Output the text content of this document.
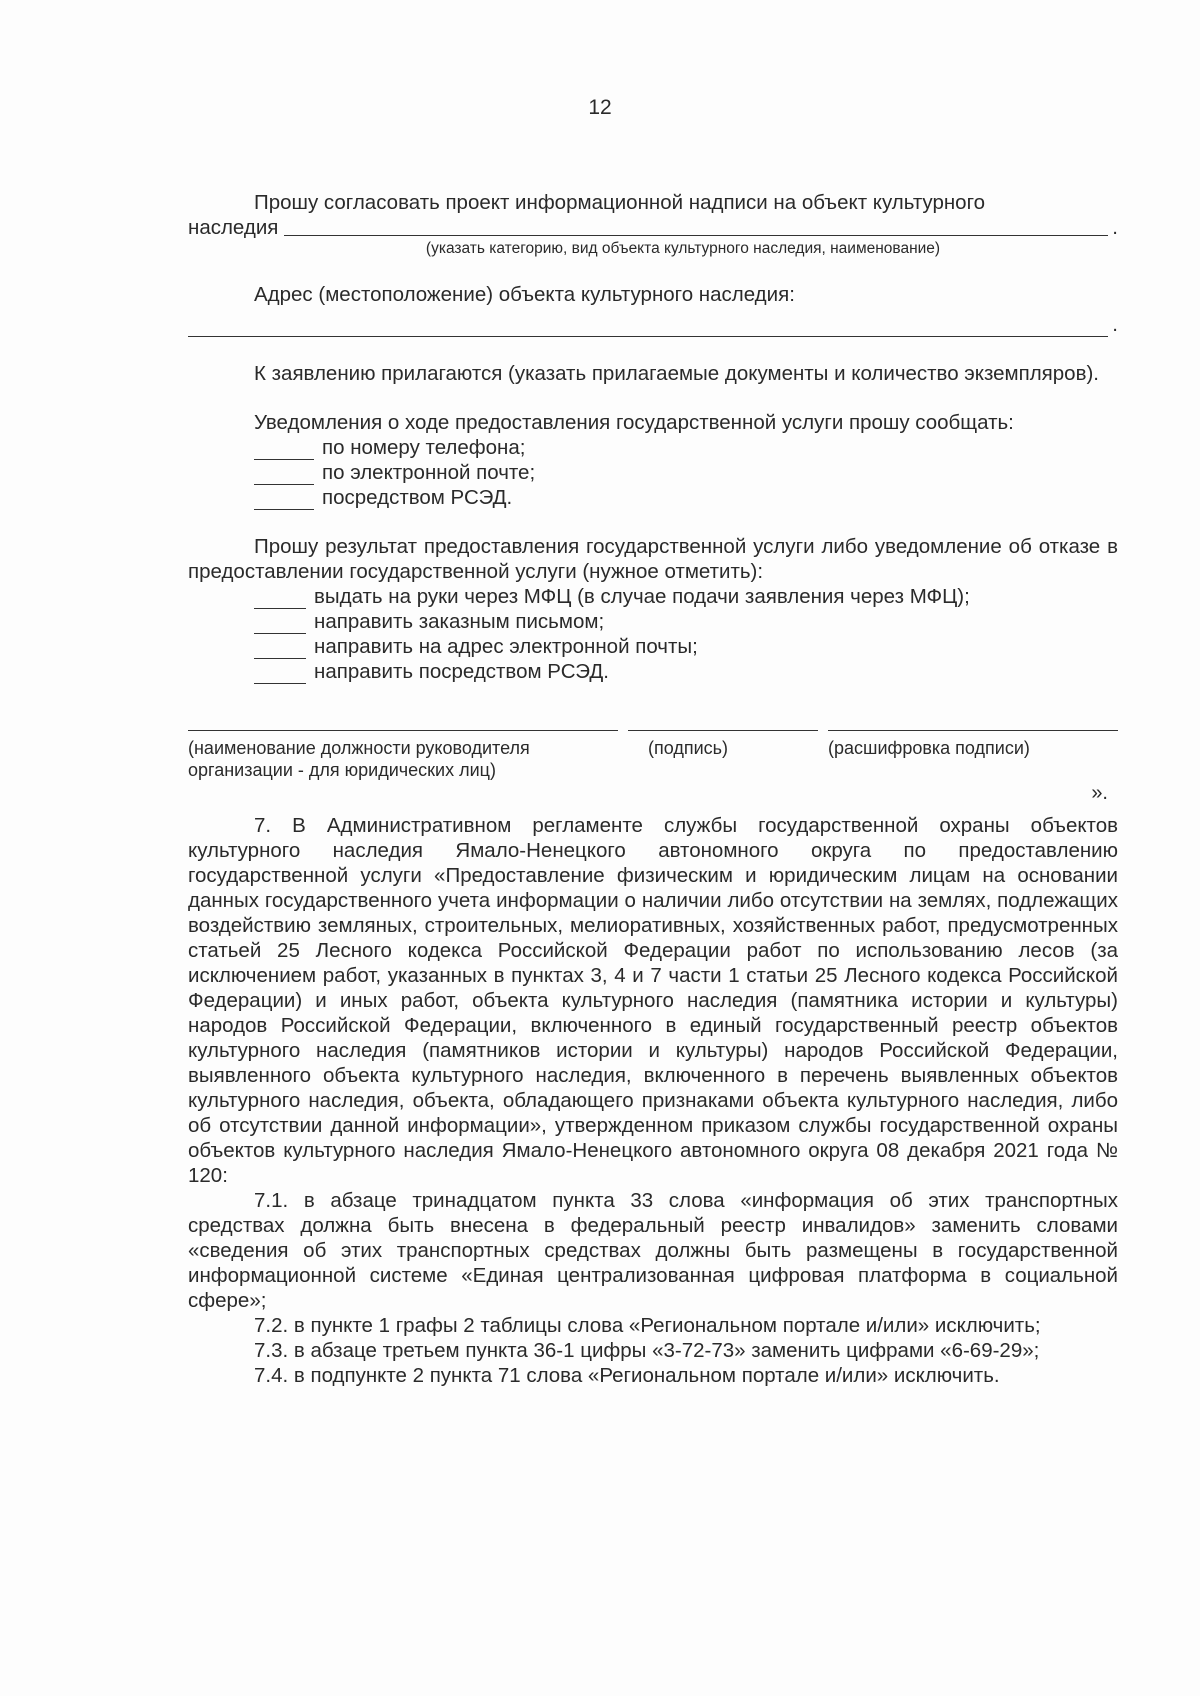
12

Прошу согласовать проект информационной надписи на объект культурного

наследия	.
(указать категорию, вид объекта культурного наследия, наименование)

Адрес (местоположение) объекта культурного наследия:

.

К заявлению прилагаются (указать прилагаемые документы и количество экземпляров).

Уведомления о ходе предоставления государственной услуги прошу сообщать:

по номеру телефона;
по электронной почте;
посредством РСЭД.

Прошу результат предоставления государственной услуги либо уведомление об отказе в предоставлении государственной услуги (нужное отметить):

выдать на руки через МФЦ (в случае подачи заявления через МФЦ);
направить заказным письмом;
направить на адрес электронной почты;
направить посредством РСЭД.
(наименование должности руководителя организации - для юридических лиц)
(подпись)	(расшифровка подписи)
».

7. В Административном регламенте службы государственной охраны объектов культурного наследия Ямало-Ненецкого автономного округа по предоставлению государственной услуги «Предоставление физическим и юридическим лицам на основании данных государственного учета информации о наличии либо отсутствии на землях, подлежащих воздействию земляных, строительных, мелиоративных, хозяйственных работ, предусмотренных статьей 25 Лесного кодекса Российской Федерации работ по использованию лесов (за исключением работ, указанных в пунктах 3, 4 и 7 части 1 статьи 25 Лесного кодекса Российской Федерации) и иных работ, объекта культурного наследия (памятника истории и культуры) народов Российской Федерации, включенного в единый государственный реестр объектов культурного наследия (памятников истории и культуры) народов Российской Федерации, выявленного объекта культурного наследия, включенного в перечень выявленных объектов культурного наследия, объекта, обладающего признаками объекта культурного наследия, либо об отсутствии данной информации», утвержденном приказом службы государственной охраны объектов культурного наследия Ямало-Ненецкого автономного округа 08 декабря 2021 года № 120:

7.1. в абзаце тринадцатом пункта 33 слова «информация об этих транспортных средствах должна быть внесена в федеральный реестр инвалидов» заменить словами «сведения об этих транспортных средствах должны быть размещены в государственной информационной системе «Единая централизованная цифровая платформа в социальной сфере»;

7.2. в пункте 1 графы 2 таблицы слова «Региональном портале и/или» исключить;

7.3. в абзаце третьем пункта 36-1 цифры «3-72-73» заменить цифрами «6-69-29»;

7.4. в подпункте 2 пункта 71 слова «Региональном портале и/или» исключить.
